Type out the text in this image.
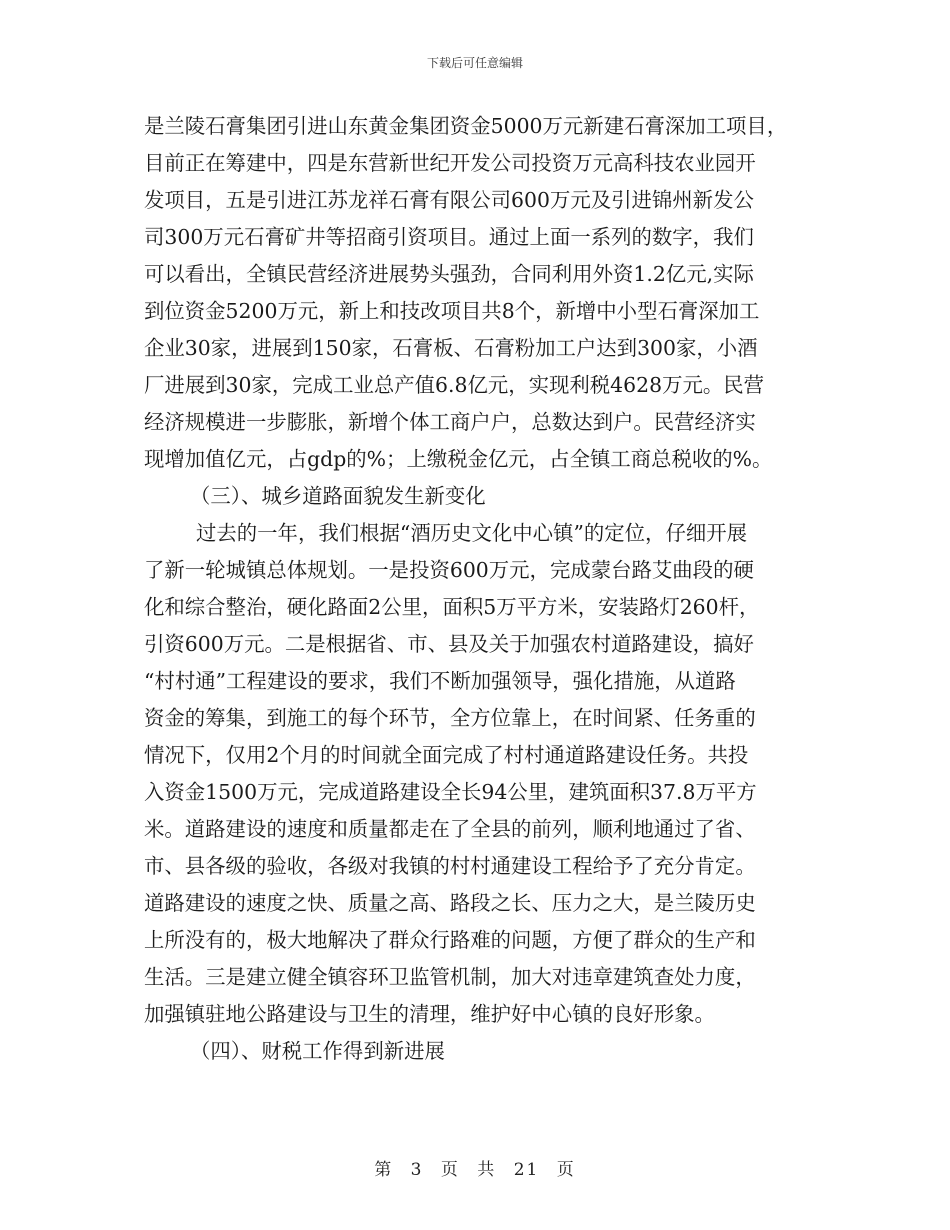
下载后可任意编辑
是兰陵石膏集团引进山东黄金集团资金5000万元新建石膏深加工项目，
目前正在筹建中，四是东营新世纪开发公司投资万元高科技农业园开
发项目，五是引进江苏龙祥石膏有限公司600万元及引进锦州新发公
司300万元石膏矿井等招商引资项目。通过上面一系列的数字，我们
可以看出，全镇民营经济进展势头强劲，合同利用外资1.2亿元,实际
到位资金5200万元，新上和技改项目共8个，新增中小型石膏深加工
企业30家，进展到150家，石膏板、石膏粉加工户达到300家，小酒
厂进展到30家，完成工业总产值6.8亿元，实现利税4628万元。民营
经济规模进一步膨胀，新增个体工商户户，总数达到户。民营经济实
现增加值亿元，占gdp的%；上缴税金亿元，占全镇工商总税收的%。
（三）、城乡道路面貌发生新变化
过去的一年，我们根据“酒历史文化中心镇”的定位，仔细开展
了新一轮城镇总体规划。一是投资600万元，完成蒙台路艾曲段的硬
化和综合整治，硬化路面2公里，面积5万平方米，安装路灯260杆，
引资600万元。二是根据省、市、县及关于加强农村道路建设，搞好
“村村通”工程建设的要求，我们不断加强领导，强化措施，从道路
资金的筹集，到施工的每个环节，全方位靠上，在时间紧、任务重的
情况下，仅用2个月的时间就全面完成了村村通道路建设任务。共投
入资金1500万元，完成道路建设全长94公里，建筑面积37.8万平方
米。道路建设的速度和质量都走在了全县的前列，顺利地通过了省、
市、县各级的验收，各级对我镇的村村通建设工程给予了充分肯定。
道路建设的速度之快、质量之高、路段之长、压力之大，是兰陵历史
上所没有的，极大地解决了群众行路难的问题，方便了群众的生产和
生活。三是建立健全镇容环卫监管机制，加大对违章建筑查处力度，
加强镇驻地公路建设与卫生的清理，维护好中心镇的良好形象。
（四）、财税工作得到新进展
第 3 页 共 21 页
